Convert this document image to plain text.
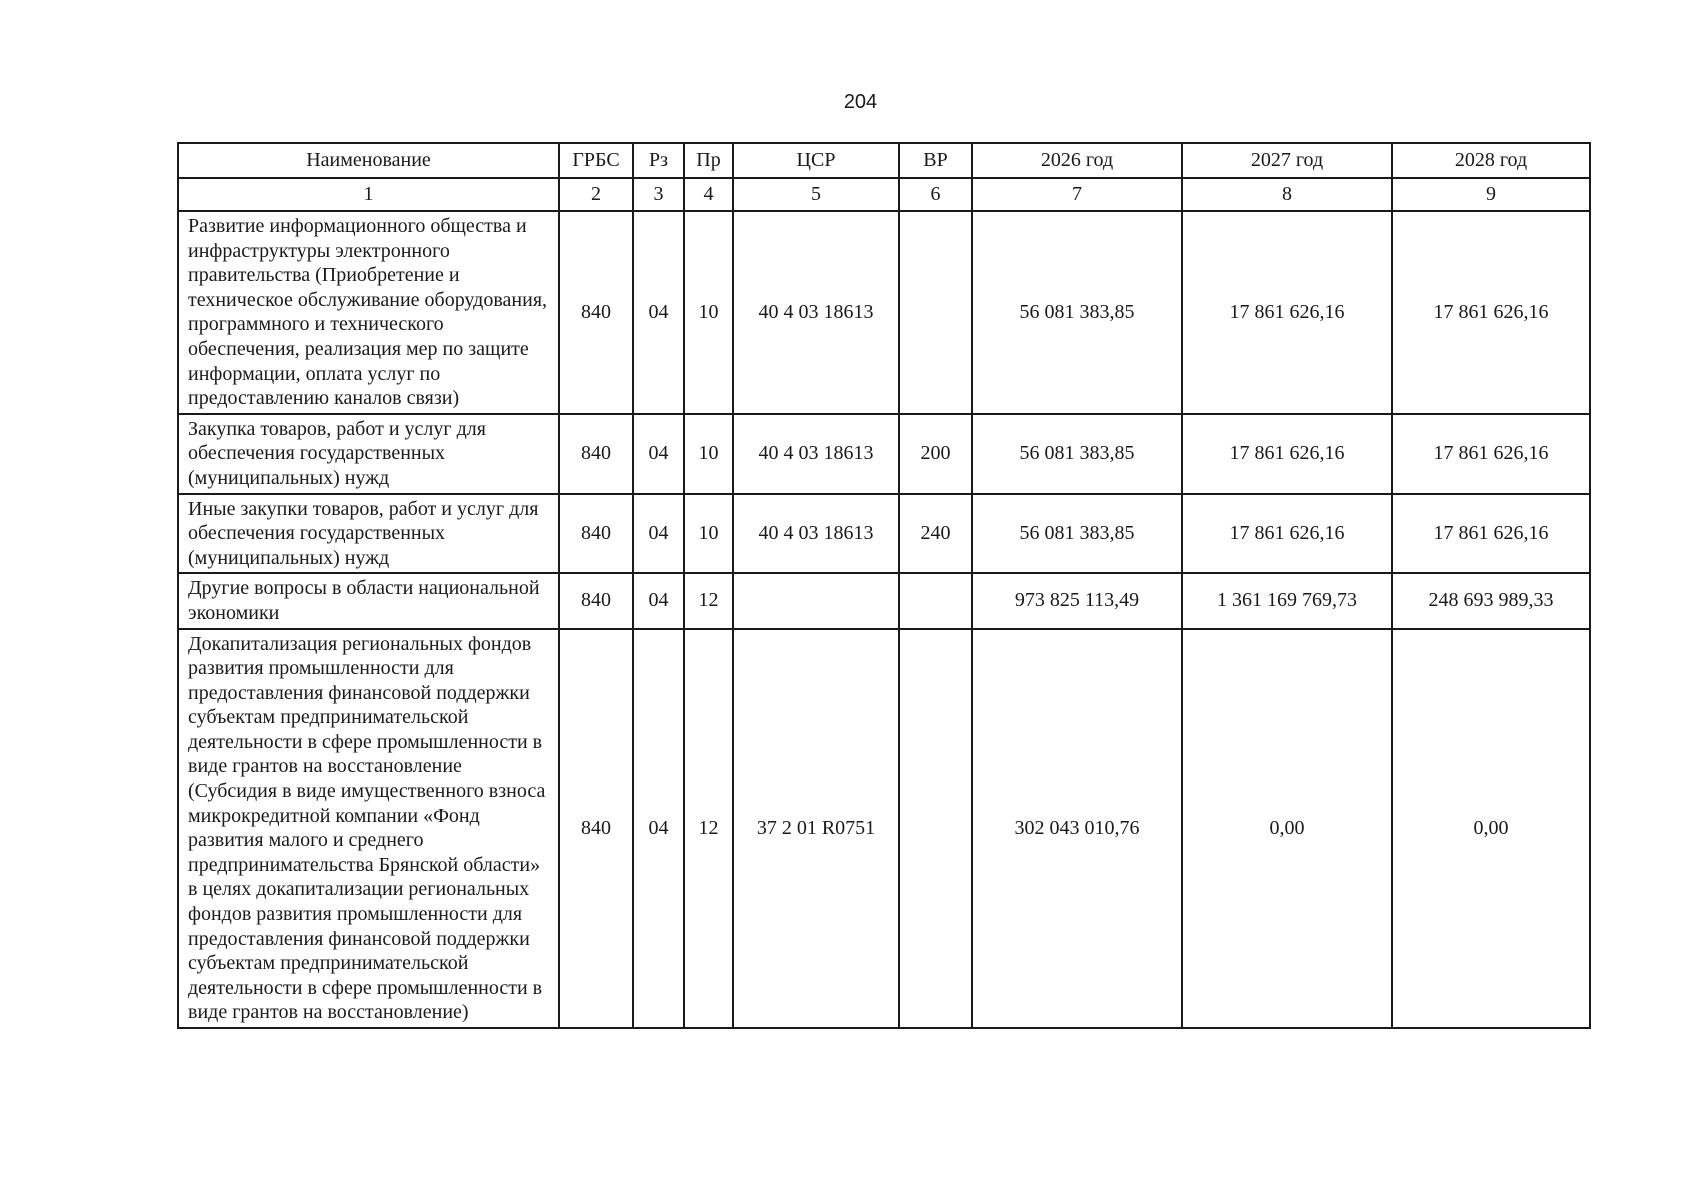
204
Наименование	ГРБС	Рз	Пр	ЦСР	ВР	2026 год	2027 год	2028 год
1	2	3	4	5	6	7	8	9
Развитие информационного общества и инфраструктуры электронного правительства (Приобретение и техническое обслуживание оборудования, программного и технического обеспечения, реализация мер по защите информации, оплата услуг по предоставлению каналов связи)	840	04	10	40 4 03 18613		56 081 383,85	17 861 626,16	17 861 626,16
Закупка товаров, работ и услуг для обеспечения государственных (муниципальных) нужд	840	04	10	40 4 03 18613	200	56 081 383,85	17 861 626,16	17 861 626,16
Иные закупки товаров, работ и услуг для обеспечения государственных (муниципальных) нужд	840	04	10	40 4 03 18613	240	56 081 383,85	17 861 626,16	17 861 626,16
Другие вопросы в области национальной экономики	840	04	12			973 825 113,49	1 361 169 769,73	248 693 989,33
Докапитализация региональных фондов развития промышленности для предоставления финансовой поддержки субъектам предпринимательской деятельности в сфере промышленности в виде грантов на восстановление (Субсидия в виде имущественного взноса микрокредитной компании «Фонд развития малого и среднего предпринимательства Брянской области» в целях докапитализации региональных фондов развития промышленности для предоставления финансовой поддержки субъектам предпринимательской деятельности в сфере промышленности в виде грантов на восстановление)	840	04	12	37 2 01 R0751		302 043 010,76	0,00	0,00
